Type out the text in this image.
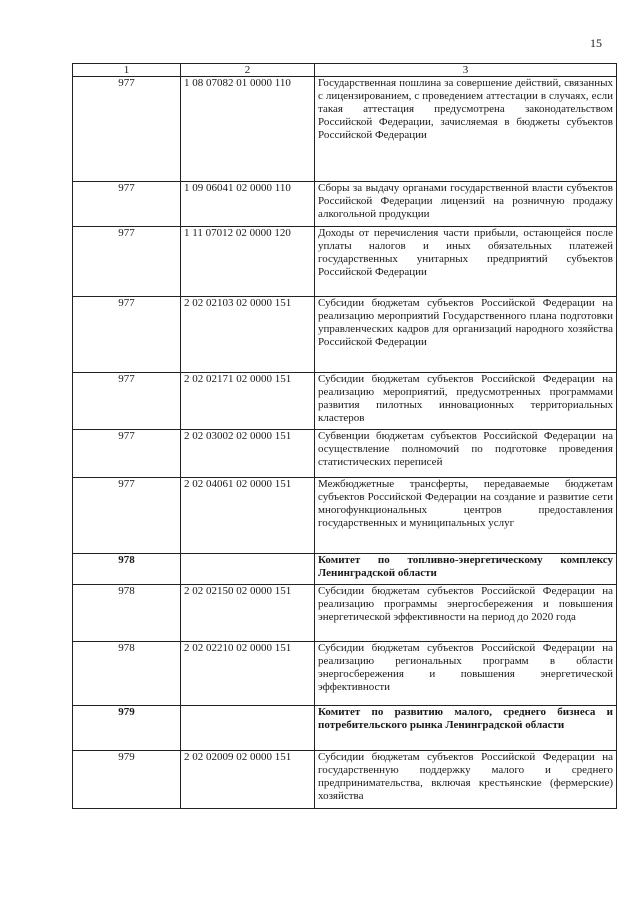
15
1	2	3
977	1 08 07082 01 0000 110	Государственная пошлина за совершение действий, связанных с лицензированием, с проведением аттестации в случаях, если такая аттестация предусмотрена законодательством Российской Федерации, зачисляемая в бюджеты субъектов Российской Федерации
977	1 09 06041 02 0000 110	Сборы за выдачу органами государственной власти субъектов Российской Федерации лицензий на розничную продажу алкогольной продукции
977	1 11 07012 02 0000 120	Доходы от перечисления части прибыли, остающейся после уплаты налогов и иных обязательных платежей государственных унитарных предприятий субъектов Российской Федерации
977	2 02 02103 02 0000 151	Субсидии бюджетам субъектов Российской Федерации на реализацию мероприятий Государственного плана подготовки управленческих кадров для организаций народного хозяйства Российской Федерации
977	2 02 02171 02 0000 151	Субсидии бюджетам субъектов Российской Федерации на реализацию мероприятий, предусмотренных программами развития пилотных инновационных территориальных кластеров
977	2 02 03002 02 0000 151	Субвенции бюджетам субъектов Российской Федерации на осуществление полномочий по подготовке проведения статистических переписей
977	2 02 04061 02 0000 151	Межбюджетные трансферты, передаваемые бюджетам субъектов Российской Федерации на создание и развитие сети многофункциональных центров предоставления государственных и муниципальных услуг
978		Комитет по топливно-энергетическому комплексу Ленинградской области
978	2 02 02150 02 0000 151	Субсидии бюджетам субъектов Российской Федерации на реализацию программы энергосбережения и повышения энергетической эффективности на период до 2020 года
978	2 02 02210 02 0000 151	Субсидии бюджетам субъектов Российской Федерации на реализацию региональных программ в области энергосбережения и повышения энергетической эффективности
979		Комитет по развитию малого, среднего бизнеса и потребительского рынка Ленинградской области
979	2 02 02009 02 0000 151	Субсидии бюджетам субъектов Российской Федерации на государственную поддержку малого и среднего предпринимательства, включая крестьянские (фермерские) хозяйства
